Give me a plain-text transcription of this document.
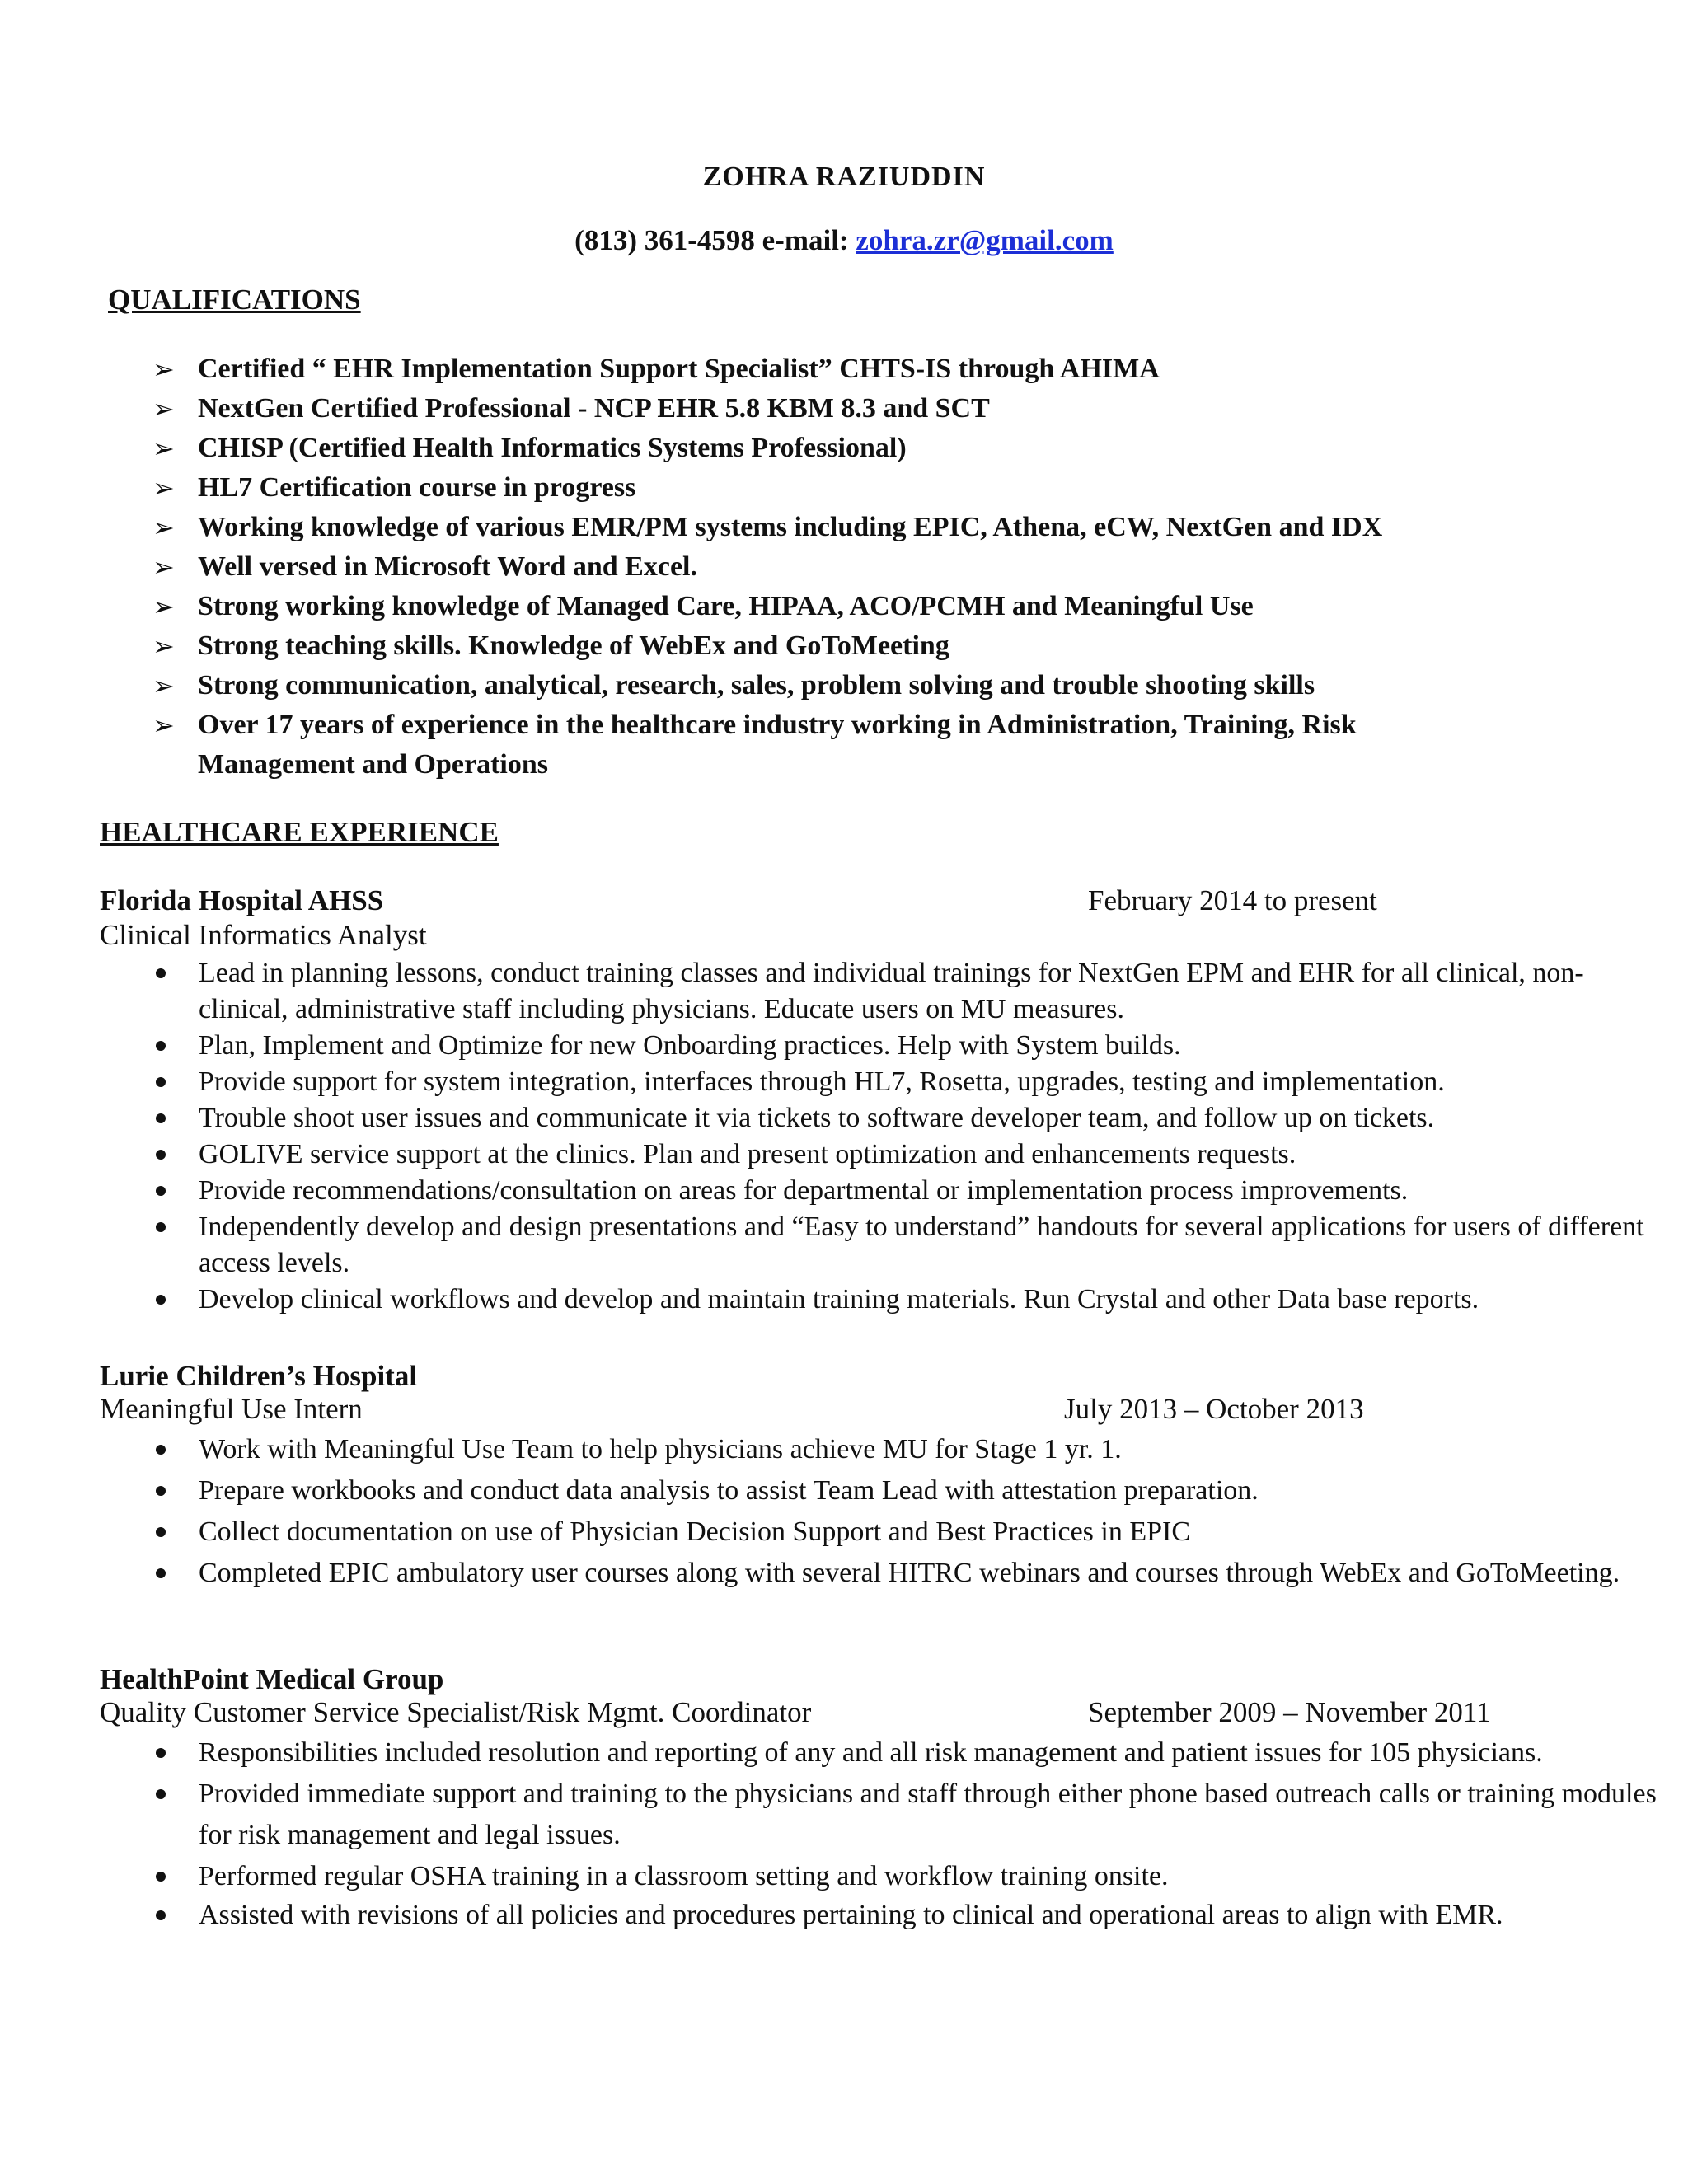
ZOHRA RAZIUDDIN
(813) 361-4598 e-mail: zohra.zr@gmail.com
QUALIFICATIONS
➢ Certified “ EHR Implementation Support Specialist” CHTS-IS through AHIMA
➢ NextGen Certified Professional - NCP EHR 5.8 KBM 8.3 and SCT
➢ CHISP (Certified Health Informatics Systems Professional)
➢ HL7 Certification course in progress
➢ Working knowledge of various EMR/PM systems including EPIC, Athena, eCW, NextGen and IDX
➢ Well versed in Microsoft Word and Excel.
➢ Strong working knowledge of Managed Care, HIPAA, ACO/PCMH and Meaningful Use
➢ Strong teaching skills. Knowledge of WebEx and GoToMeeting
➢ Strong communication, analytical, research, sales, problem solving and trouble shooting skills
➢ Over 17 years of experience in the healthcare industry working in Administration, Training, Risk Management and Operations
HEALTHCARE EXPERIENCE
Florida Hospital AHSS	February 2014 to present
Clinical Informatics Analyst
Lead in planning lessons, conduct training classes and individual trainings for NextGen EPM and EHR for all clinical, non-clinical, administrative staff including physicians. Educate users on MU measures.
Plan, Implement and Optimize for new Onboarding practices. Help with System builds.
Provide support for system integration, interfaces through HL7, Rosetta, upgrades, testing and implementation.
Trouble shoot user issues and communicate it via tickets to software developer team, and follow up on tickets.
GOLIVE service support at the clinics. Plan and present optimization and enhancements requests.
Provide recommendations/consultation on areas for departmental or implementation process improvements.
Independently develop and design presentations and “Easy to understand” handouts for several applications for users of different access levels.
Develop clinical workflows and develop and maintain training materials. Run Crystal and other Data base reports.
Lurie Children’s Hospital
Meaningful Use Intern	July 2013 – October 2013
Work with Meaningful Use Team to help physicians achieve MU for Stage 1 yr. 1.
Prepare workbooks and conduct data analysis to assist Team Lead with attestation preparation.
Collect documentation on use of Physician Decision Support and Best Practices in EPIC
Completed EPIC ambulatory user courses along with several HITRC webinars and courses through WebEx and GoToMeeting.
HealthPoint Medical Group
Quality Customer Service Specialist/Risk Mgmt. Coordinator	September 2009 – November 2011
Responsibilities included resolution and reporting of any and all risk management and patient issues for 105 physicians.
Provided immediate support and training to the physicians and staff through either phone based outreach calls or training modules for risk management and legal issues.
Performed regular OSHA training in a classroom setting and workflow training onsite.
Assisted with revisions of all policies and procedures pertaining to clinical and operational areas to align with EMR.
